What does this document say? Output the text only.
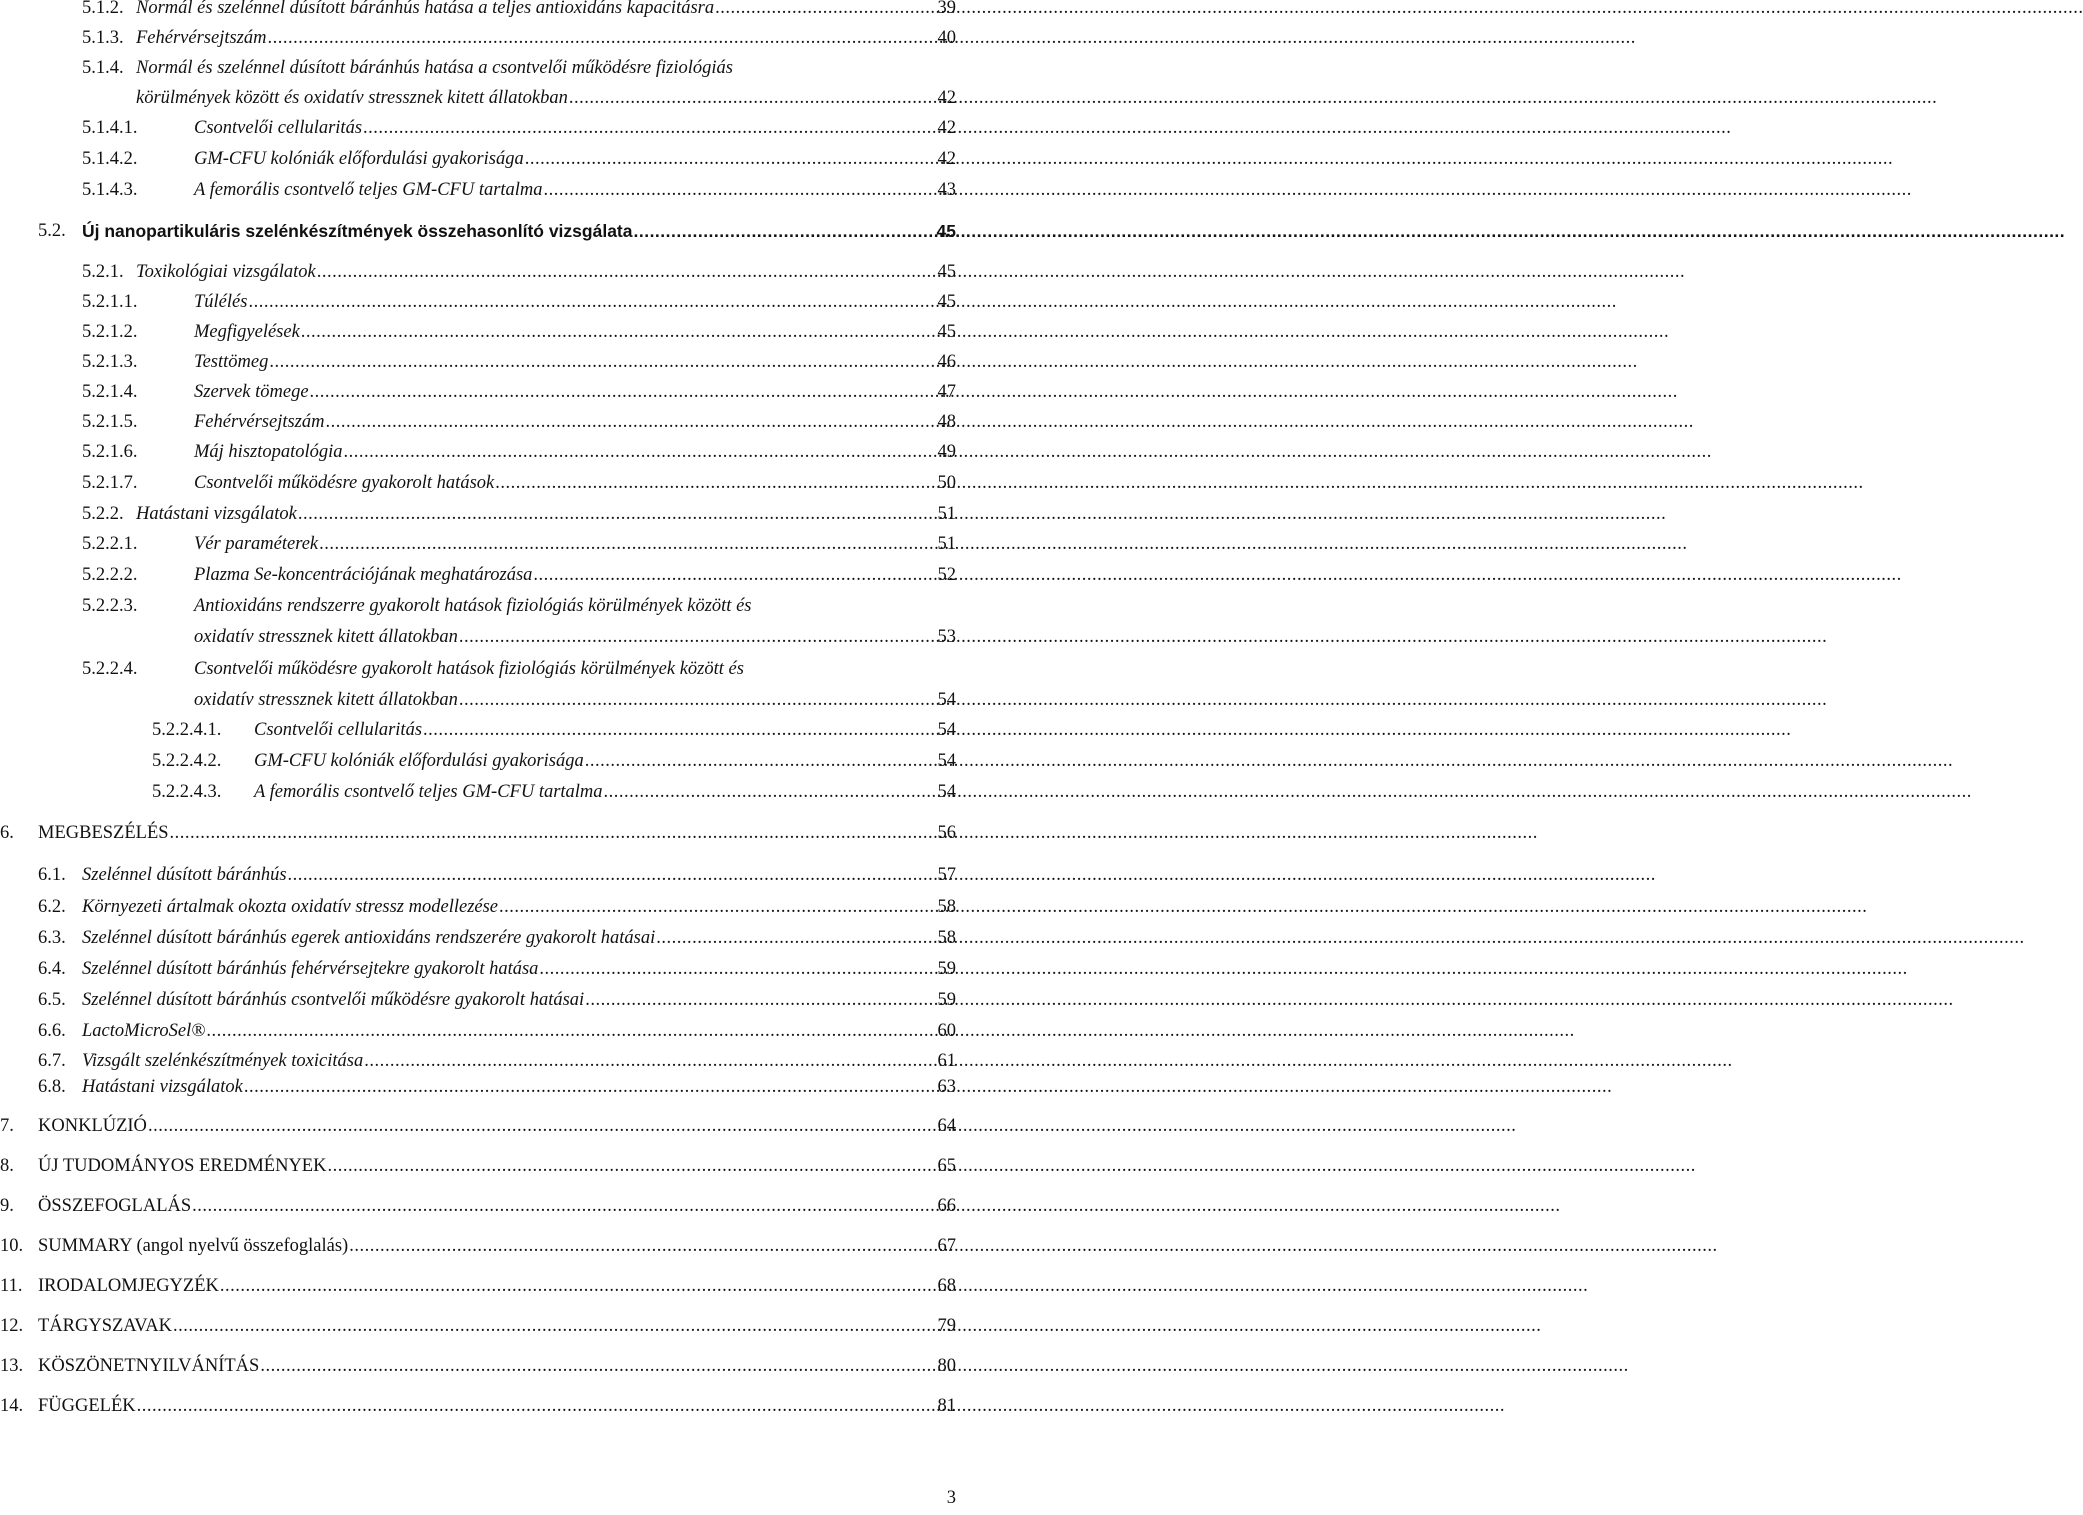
5.1.2. Normál és szelénnel dúsított báránhús hatása a teljes antioxidáns kapacitásra .....	39
5.1.3. Fehérvérsejtszám .....	40
5.1.4. Normál és szelénnel dúsított báránhús hatása a csontvelői működésre fiziológiás
körülmények között és oxidatív stressznek kitett állatokban .....	42
5.1.4.1.	Csontvelői cellularitás .....	42
5.1.4.2.	GM-CFU kolóniák előfordulási gyakorisága .....	42
5.1.4.3.	A femorális csontvelő teljes GM-CFU tartalma .....	43
5.2. Új nanopartikuláris szelénkészítmények összehasonlító vizsgálata .....	45
5.2.1. Toxikológiai vizsgálatok .....	45
5.2.1.1.	Túlélés .....	45
5.2.1.2.	Megfigyelések .....	45
5.2.1.3.	Testtömeg .....	46
5.2.1.4.	Szervek tömege .....	47
5.2.1.5.	Fehérvérsejtszám .....	48
5.2.1.6.	Máj hisztopatológia .....	49
5.2.1.7.	Csontvelői működésre gyakorolt hatások .....	50
5.2.2. Hatástani vizsgálatok .....	51
5.2.2.1.	Vér paraméterek .....	51
5.2.2.2.	Plazma Se-koncentrációjának meghatározása .....	52
5.2.2.3.	Antioxidáns rendszerre gyakorolt hatások fiziológiás körülmények között és
oxidatív stressznek kitett állatokban .....	53
5.2.2.4.	Csontvelői működésre gyakorolt hatások fiziológiás körülmények között és
oxidatív stressznek kitett állatokban .....	54
5.2.2.4.1.	Csontvelői cellularitás .....	54
5.2.2.4.2.	GM-CFU kolóniák előfordulási gyakorisága .....	54
5.2.2.4.3.	A femorális csontvelő teljes GM-CFU tartalma .....	54
6.	MEGBESZÉLÉS .....	56
6.1. Szelénnel dúsított báránhús .....	57
6.2. Környezeti ártalmak okozta oxidatív stressz modellezése .....	58
6.3. Szelénnel dúsított báránhús egerek antioxidáns rendszerére gyakorolt hatásai .....	58
6.4. Szelénnel dúsított báránhús fehérvérsejtekre gyakorolt hatása .....	59
6.5. Szelénnel dúsított báránhús csontvelői működésre gyakorolt hatásai .....	59
6.6. LactoMicroSel® .....	60
6.7. Vizsgált szelénkészítmények toxicitása .....	61
6.8. Hatástani vizsgálatok .....	63
7.	KONKLÚZIÓ .....	64
8.	ÚJ TUDOMÁNYOS EREDMÉNYEK .....	65
9.	ÖSSZEFOGLALÁS .....	66
10. SUMMARY (angol nyelvű összefoglalás) .....	67
11. IRODALOMJEGYZÉK .....	68
12. TÁRGYSZAVAK .....	79
13. KÖSZÖNETNYILVÁNÍTÁS .....	80
14. FÜGGELÉK .....	81
3
